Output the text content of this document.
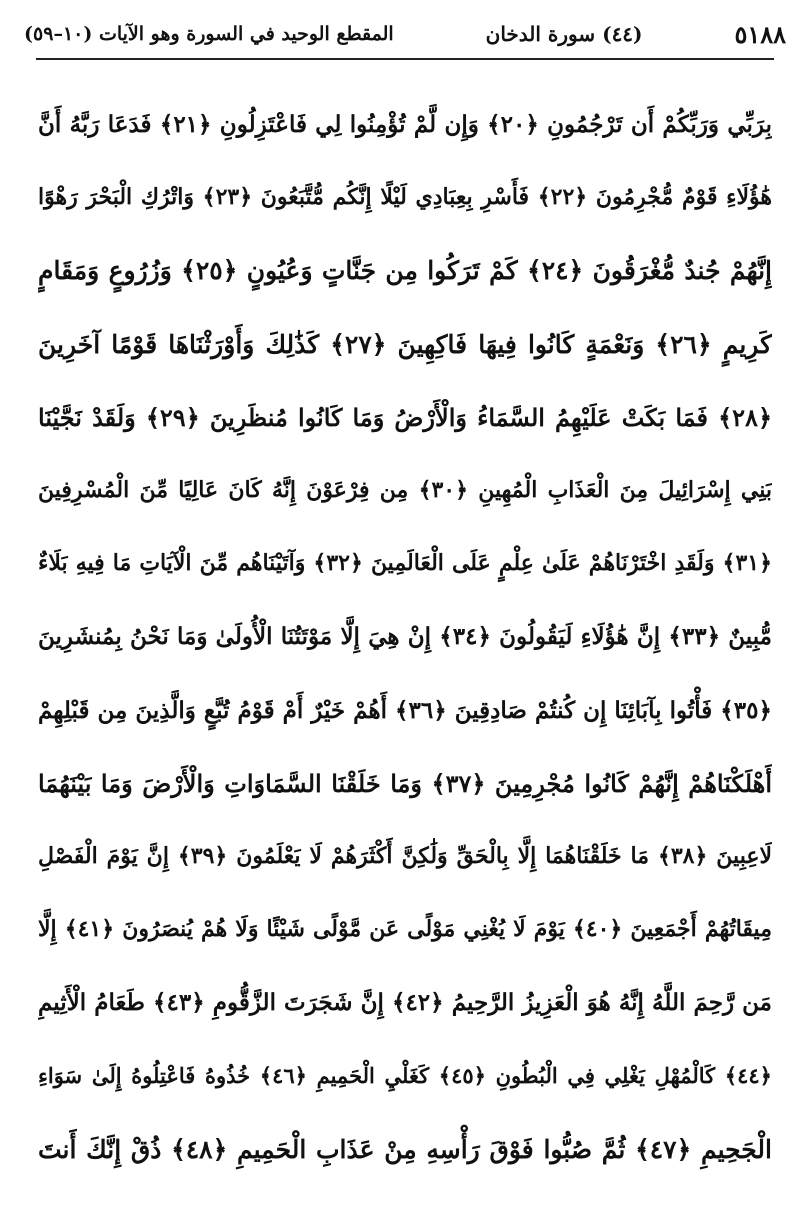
٥١٨٨
(٤٤) سورة الدخان
المقطع الوحيد في السورة وهو الآيات (١٠–٥٩)
بِرَبِّي وَرَبِّكُمْ أَن تَرْجُمُونِ ﴿٢٠﴾ وَإِن لَّمْ تُؤْمِنُوا لِي فَاعْتَزِلُونِ ﴿٢١﴾ فَدَعَا رَبَّهُ أَنَّ
هَٰؤُلَاءِ قَوْمٌ مُّجْرِمُونَ ﴿٢٢﴾ فَأَسْرِ بِعِبَادِي لَيْلًا إِنَّكُم مُّتَّبَعُونَ ﴿٢٣﴾ وَاتْرُكِ الْبَحْرَ رَهْوًا
إِنَّهُمْ جُندٌ مُّغْرَقُونَ ﴿٢٤﴾ كَمْ تَرَكُوا مِن جَنَّاتٍ وَعُيُونٍ ﴿٢٥﴾ وَزُرُوعٍ وَمَقَامٍ
كَرِيمٍ ﴿٢٦﴾ وَنَعْمَةٍ كَانُوا فِيهَا فَاكِهِينَ ﴿٢٧﴾ كَذَٰلِكَ وَأَوْرَثْنَاهَا قَوْمًا آخَرِينَ
﴿٢٨﴾ فَمَا بَكَتْ عَلَيْهِمُ السَّمَاءُ وَالْأَرْضُ وَمَا كَانُوا مُنظَرِينَ ﴿٢٩﴾ وَلَقَدْ نَجَّيْنَا
بَنِي إِسْرَائِيلَ مِنَ الْعَذَابِ الْمُهِينِ ﴿٣٠﴾ مِن فِرْعَوْنَ إِنَّهُ كَانَ عَالِيًا مِّنَ الْمُسْرِفِينَ
﴿٣١﴾ وَلَقَدِ اخْتَرْنَاهُمْ عَلَىٰ عِلْمٍ عَلَى الْعَالَمِينَ ﴿٣٢﴾ وَآتَيْنَاهُم مِّنَ الْآيَاتِ مَا فِيهِ بَلَاءٌ
مُّبِينٌ ﴿٣٣﴾ إِنَّ هَٰؤُلَاءِ لَيَقُولُونَ ﴿٣٤﴾ إِنْ هِيَ إِلَّا مَوْتَتُنَا الْأُولَىٰ وَمَا نَحْنُ بِمُنشَرِينَ
﴿٣٥﴾ فَأْتُوا بِآبَائِنَا إِن كُنتُمْ صَادِقِينَ ﴿٣٦﴾ أَهُمْ خَيْرٌ أَمْ قَوْمُ تُبَّعٍ وَالَّذِينَ مِن قَبْلِهِمْ
أَهْلَكْنَاهُمْ إِنَّهُمْ كَانُوا مُجْرِمِينَ ﴿٣٧﴾ وَمَا خَلَقْنَا السَّمَاوَاتِ وَالْأَرْضَ وَمَا بَيْنَهُمَا
لَاعِبِينَ ﴿٣٨﴾ مَا خَلَقْنَاهُمَا إِلَّا بِالْحَقِّ وَلَٰكِنَّ أَكْثَرَهُمْ لَا يَعْلَمُونَ ﴿٣٩﴾ إِنَّ يَوْمَ الْفَصْلِ
مِيقَاتُهُمْ أَجْمَعِينَ ﴿٤٠﴾ يَوْمَ لَا يُغْنِي مَوْلًى عَن مَّوْلًى شَيْئًا وَلَا هُمْ يُنصَرُونَ ﴿٤١﴾ إِلَّا
مَن رَّحِمَ اللَّهُ إِنَّهُ هُوَ الْعَزِيزُ الرَّحِيمُ ﴿٤٢﴾ إِنَّ شَجَرَتَ الزَّقُّومِ ﴿٤٣﴾ طَعَامُ الْأَثِيمِ
﴿٤٤﴾ كَالْمُهْلِ يَغْلِي فِي الْبُطُونِ ﴿٤٥﴾ كَغَلْيِ الْحَمِيمِ ﴿٤٦﴾ خُذُوهُ فَاعْتِلُوهُ إِلَىٰ سَوَاءِ
الْجَحِيمِ ﴿٤٧﴾ ثُمَّ صُبُّوا فَوْقَ رَأْسِهِ مِنْ عَذَابِ الْحَمِيمِ ﴿٤٨﴾ ذُقْ إِنَّكَ أَنتَ
